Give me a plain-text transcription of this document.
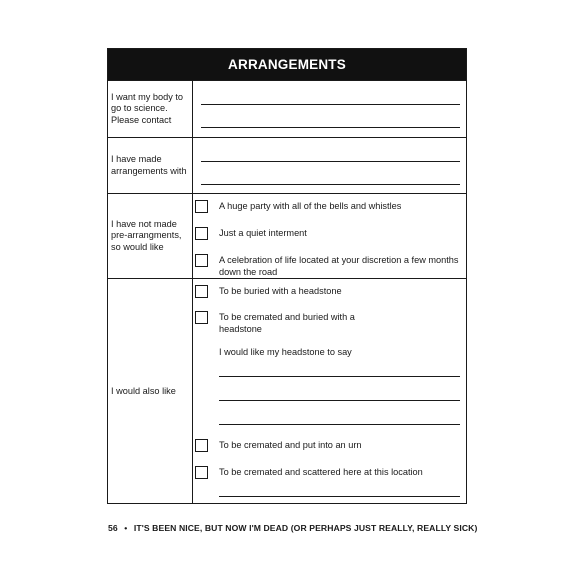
ARRANGEMENTS
I want my body to go to science. Please contact
I have made arrangements with
I have not made pre-arrangments, so would like
A huge party with all of the bells and whistles
Just a quiet interment
A celebration of life located at your discretion a few months down the road
I would also like
To be buried with a headstone
To be cremated and buried with a headstone
I would like my headstone to say
To be cremated and put into an urn
To be cremated and scattered here at this location
56 • IT'S BEEN NICE, BUT NOW I'M DEAD (OR PERHAPS JUST REALLY, REALLY SICK)
